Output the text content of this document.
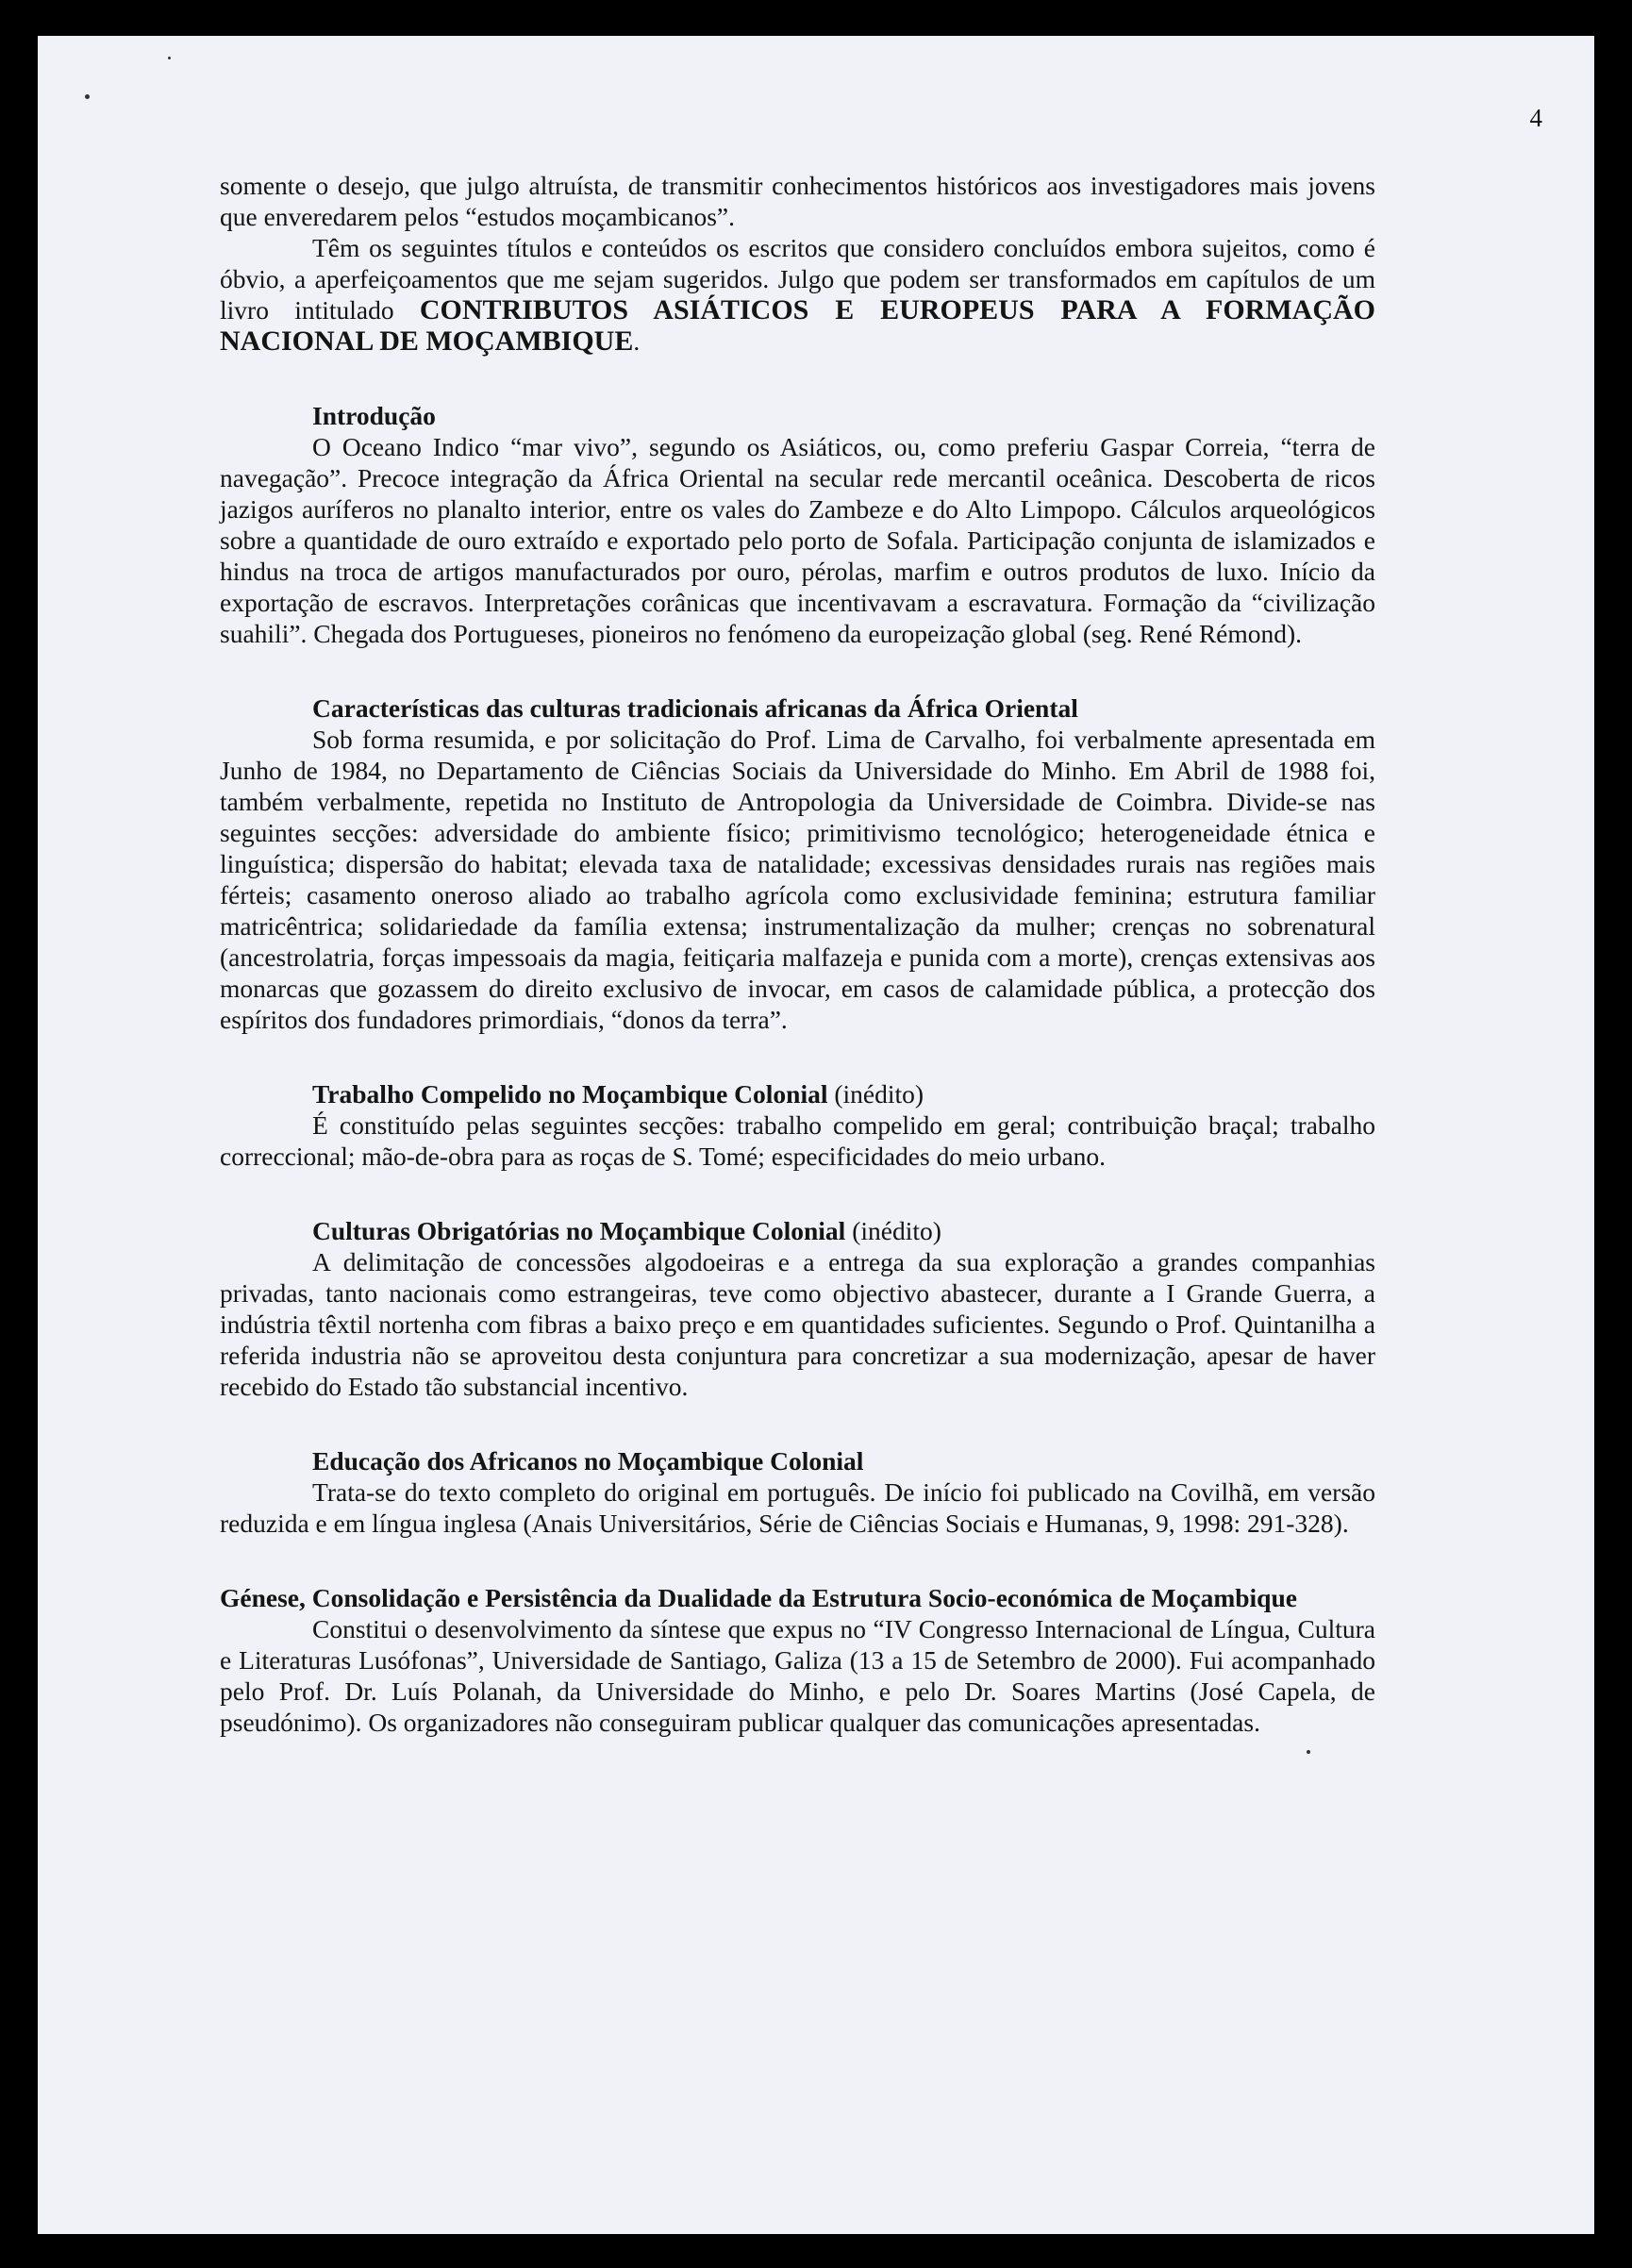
4

somente o desejo, que julgo altruísta, de transmitir conhecimentos históricos aos investigadores mais jovens que enveredarem pelos “estudos moçambicanos”.

Têm os seguintes títulos e conteúdos os escritos que considero concluídos embora sujeitos, como é óbvio, a aperfeiçoamentos que me sejam sugeridos. Julgo que podem ser transformados em capítulos de um livro intitulado CONTRIBUTOS ASIÁTICOS E EUROPEUS PARA A FORMAÇÃO NACIONAL DE MOÇAMBIQUE.

Introdução

O Oceano Indico “mar vivo”, segundo os Asiáticos, ou, como preferiu Gaspar Correia, “terra de navegação”. Precoce integração da África Oriental na secular rede mercantil oceânica. Descoberta de ricos jazigos auríferos no planalto interior, entre os vales do Zambeze e do Alto Limpopo. Cálculos arqueológicos sobre a quantidade de ouro extraído e exportado pelo porto de Sofala. Participação conjunta de islamizados e hindus na troca de artigos manufacturados por ouro, pérolas, marfim e outros produtos de luxo. Início da exportação de escravos. Interpretações corânicas que incentivavam a escravatura. Formação da “civilização suahili”. Chegada dos Portugueses, pioneiros no fenómeno da europeização global (seg. René Rémond).

Características das culturas tradicionais africanas da África Oriental

Sob forma resumida, e por solicitação do Prof. Lima de Carvalho, foi verbalmente apresentada em Junho de 1984, no Departamento de Ciências Sociais da Universidade do Minho. Em Abril de 1988 foi, também verbalmente, repetida no Instituto de Antropologia da Universidade de Coimbra. Divide-se nas seguintes secções: adversidade do ambiente físico; primitivismo tecnológico; heterogeneidade étnica e linguística; dispersão do habitat; elevada taxa de natalidade; excessivas densidades rurais nas regiões mais férteis; casamento oneroso aliado ao trabalho agrícola como exclusividade feminina; estrutura familiar matricêntrica; solidariedade da família extensa; instrumentalização da mulher; crenças no sobrenatural (ancestrolatria, forças impessoais da magia, feitiçaria malfazeja e punida com a morte), crenças extensivas aos monarcas que gozassem do direito exclusivo de invocar, em casos de calamidade pública, a protecção dos espíritos dos fundadores primordiais, “donos da terra”.

Trabalho Compelido no Moçambique Colonial (inédito)

É constituído pelas seguintes secções: trabalho compelido em geral; contribuição braçal; trabalho correccional; mão-de-obra para as roças de S. Tomé; especificidades do meio urbano.

Culturas Obrigatórias no Moçambique Colonial (inédito)

A delimitação de concessões algodoeiras e a entrega da sua exploração a grandes companhias privadas, tanto nacionais como estrangeiras, teve como objectivo abastecer, durante a I Grande Guerra, a indústria têxtil nortenha com fibras a baixo preço e em quantidades suficientes. Segundo o Prof. Quintanilha a referida industria não se aproveitou desta conjuntura para concretizar a sua modernização, apesar de haver recebido do Estado tão substancial incentivo.

Educação dos Africanos no Moçambique Colonial

Trata-se do texto completo do original em português. De início foi publicado na Covilhã, em versão reduzida e em língua inglesa (Anais Universitários, Série de Ciências Sociais e Humanas, 9, 1998: 291-328).

Génese, Consolidação e Persistência da Dualidade da Estrutura Socio-económica de Moçambique

Constitui o desenvolvimento da síntese que expus no “IV Congresso Internacional de Língua, Cultura e Literaturas Lusófonas”, Universidade de Santiago, Galiza (13 a 15 de Setembro de 2000). Fui acompanhado pelo Prof. Dr. Luís Polanah, da Universidade do Minho, e pelo Dr. Soares Martins (José Capela, de pseudónimo). Os organizadores não conseguiram publicar qualquer das comunicações apresentadas.
